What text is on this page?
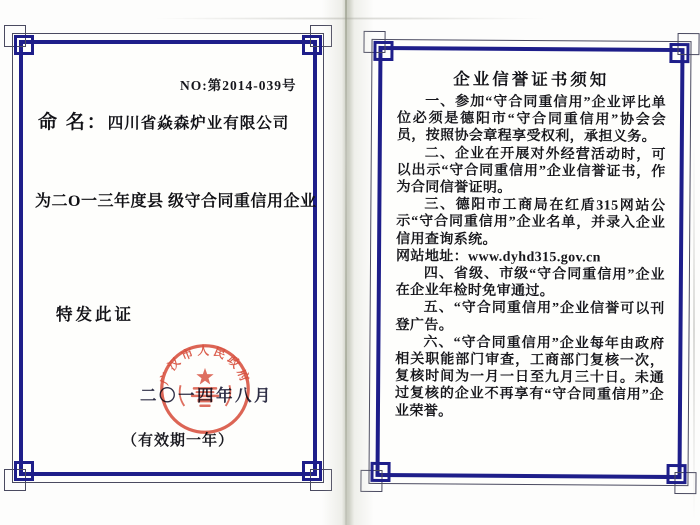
NO:第2014-039号
命 名：四川省焱森炉业有限公司
为二O一三年度县 级守合同重信用企业
特发此证
广汉市人民政府
二〇一四年八月
（有效期一年）
企业信誉证书须知

一、参加“守合同重信用”企业评比单位必须是德阳市“守合同重信用”协会会员，按照协会章程享受权利，承担义务。

二、企业在开展对外经营活动时，可以出示“守合同重信用”企业信誉证书，作为合同信誉证明。

三、德阳市工商局在红盾315网站公示“守合同重信用”企业名单，并录入企业信用查询系统。

网站地址：www.dyhd315.gov.cn

四、省级、市级“守合同重信用”企业在企业年检时免审通过。

五、“守合同重信用”企业信誉可以刊登广告。

六、“守合同重信用”企业每年由政府相关职能部门审查，工商部门复核一次，复核时间为一月一日至九月三十日。未通过复核的企业不再享有“守合同重信用”企业荣誉。
